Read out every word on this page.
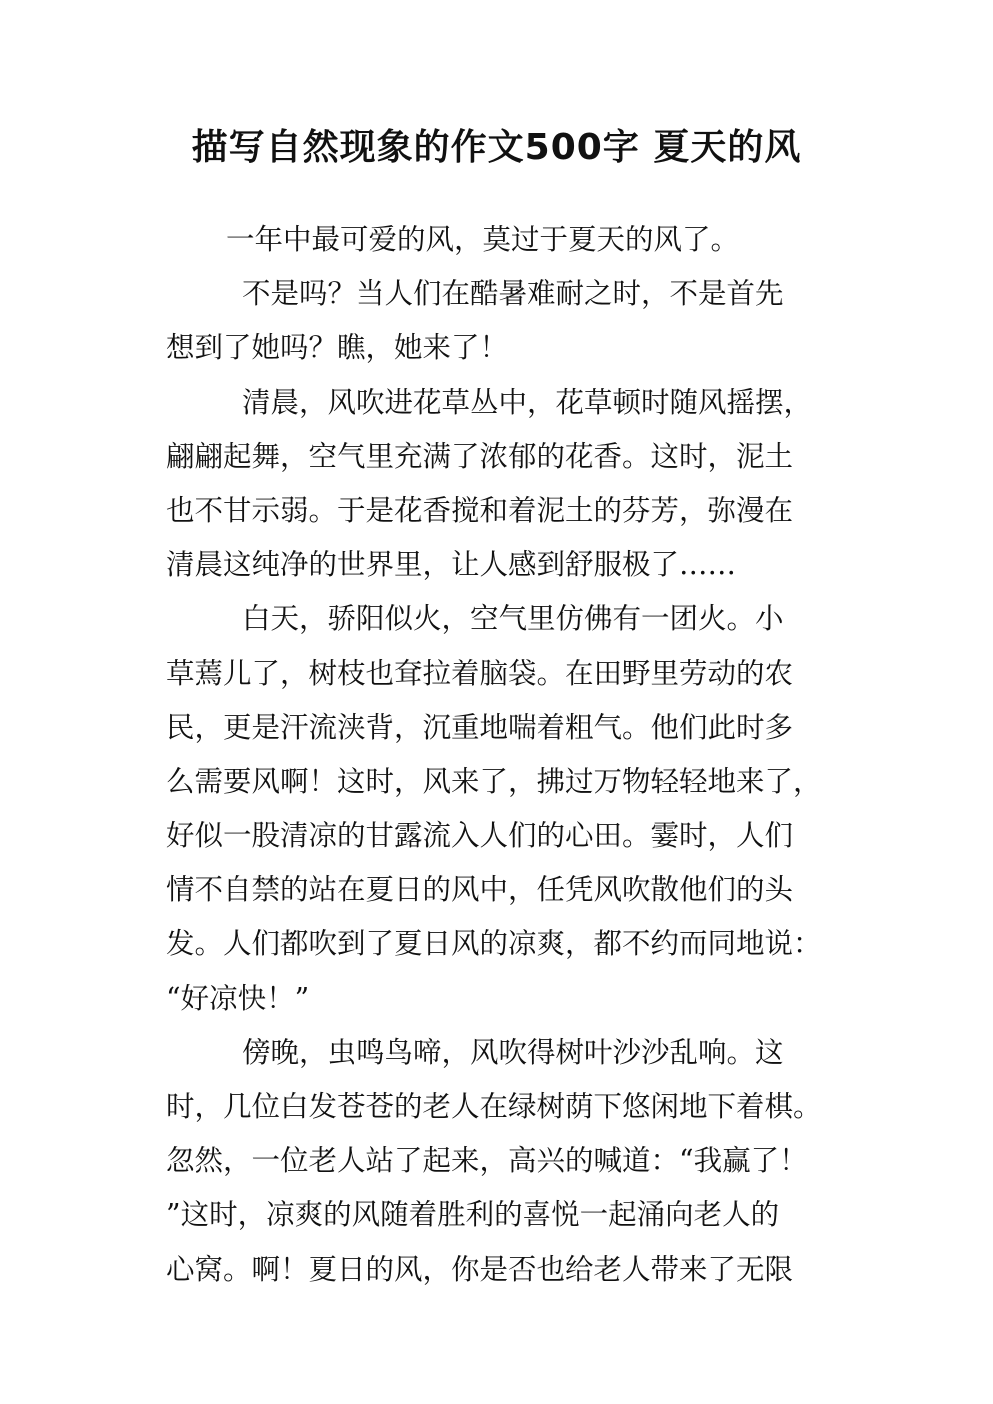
描写自然现象的作文500字 夏天的风
一年中最可爱的风，莫过于夏天的风了。
不是吗？当人们在酷暑难耐之时，不是首先
想到了她吗？瞧，她来了！
清晨，风吹进花草丛中，花草顿时随风摇摆，
翩翩起舞，空气里充满了浓郁的花香。这时，泥土
也不甘示弱。于是花香搅和着泥土的芬芳，弥漫在
清晨这纯净的世界里，让人感到舒服极了……
白天，骄阳似火，空气里仿佛有一团火。小
草蔫儿了，树枝也耷拉着脑袋。在田野里劳动的农
民，更是汗流浃背，沉重地喘着粗气。他们此时多
么需要风啊！这时，风来了，拂过万物轻轻地来了，
好似一股清凉的甘露流入人们的心田。霎时，人们
情不自禁的站在夏日的风中，任凭风吹散他们的头
发。人们都吹到了夏日风的凉爽，都不约而同地说：
“好凉快！”
傍晚，虫鸣鸟啼，风吹得树叶沙沙乱响。这
时，几位白发苍苍的老人在绿树荫下悠闲地下着棋。
忽然，一位老人站了起来，高兴的喊道：“我赢了！
”这时，凉爽的风随着胜利的喜悦一起涌向老人的
心窝。啊！夏日的风，你是否也给老人带来了无限
